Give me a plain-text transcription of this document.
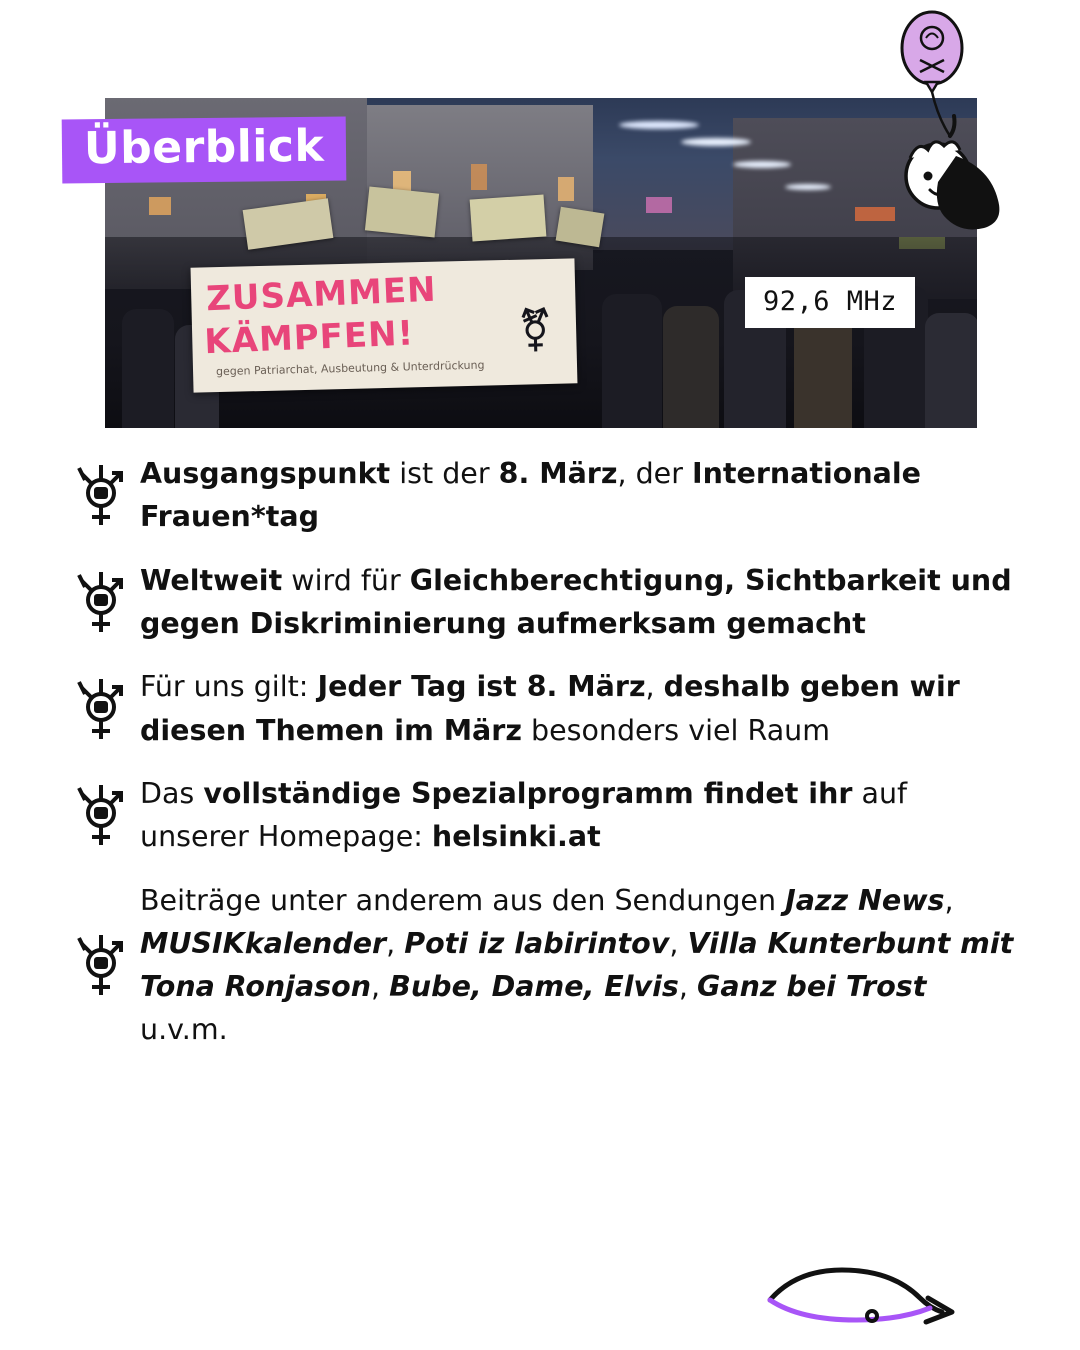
ZUSAMMEN
KÄMPFEN!
gegen Patriarchat, Ausbeutung & Unterdrückung
⚧
Überblick
92,6 MHz
Ausgangspunkt ist der 8. März, der Internationale Frauen*tag
Weltweit wird für Gleichberechtigung, Sichtbarkeit und gegen Diskriminierung aufmerksam gemacht
Für uns gilt: Jeder Tag ist 8. März, deshalb geben wir diesen Themen im März besonders viel Raum
Das vollständige Spezialprogramm findet ihr auf unserer Homepage: helsinki.at
Beiträge unter anderem aus den Sendungen Jazz News, MUSIKkalender, Poti iz labirintov, Villa Kunterbunt mit Tona Ronjason, Bube, Dame, Elvis, Ganz bei Trost u.v.m.
